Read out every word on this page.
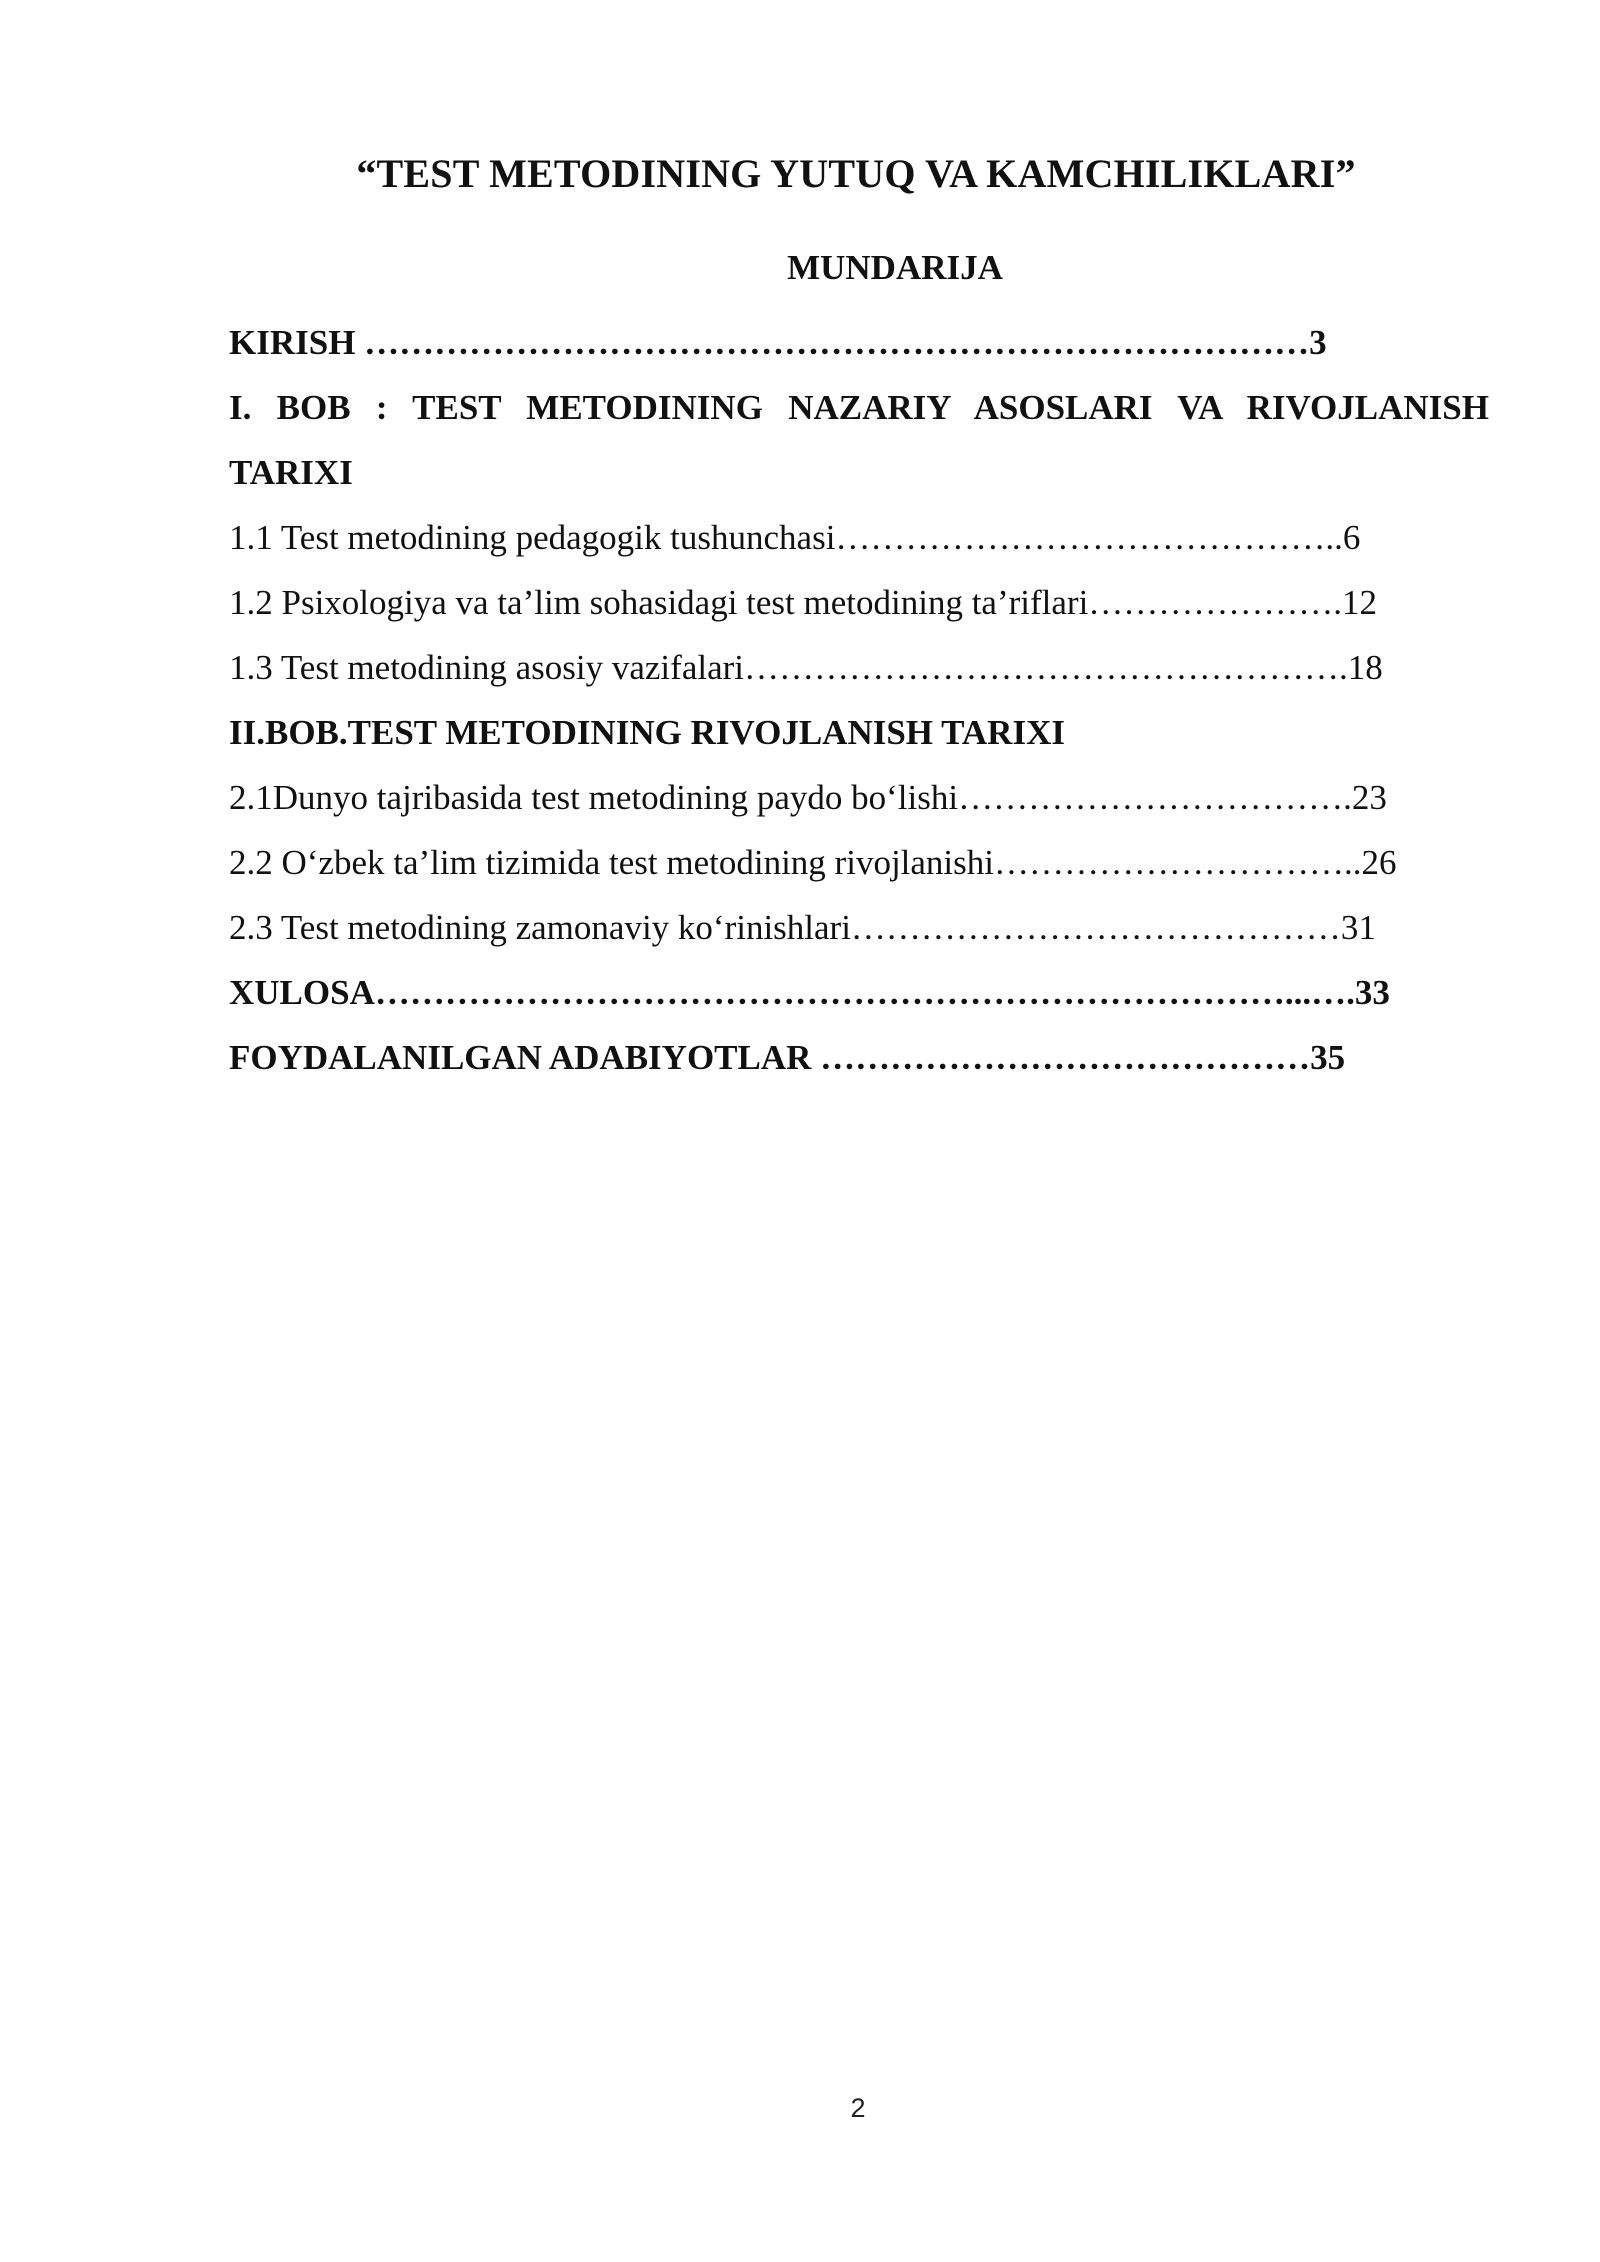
“TEST METODINING YUTUQ VA KAMCHILIKLARI”
MUNDARIJA
KIRISH ………………………………………………………………………3
I. BOB : TEST METODINING NAZARIY ASOSLARI VA RIVOJLANISH
TARIXI
1.1 Test metodining pedagogik tushunchasi……………………………………..6
1.2 Psixologiya va ta’lim sohasidagi test metodining ta’riflari………………….12
1.3 Test metodining asosiy vazifalari…………………………………………….18
II.BOB.TEST METODINING RIVOJLANISH TARIXI
2.1Dunyo tajribasida test metodining paydo bo‘lishi…………………………….23
2.2 O‘zbek ta’lim tizimida test metodining rivojlanishi…………………………..26
2.3 Test metodining zamonaviy ko‘rinishlari……………………………………31
XULOSA……………………………………………………………………...….33
FOYDALANILGAN ADABIYOTLAR ……………………………………35
2
